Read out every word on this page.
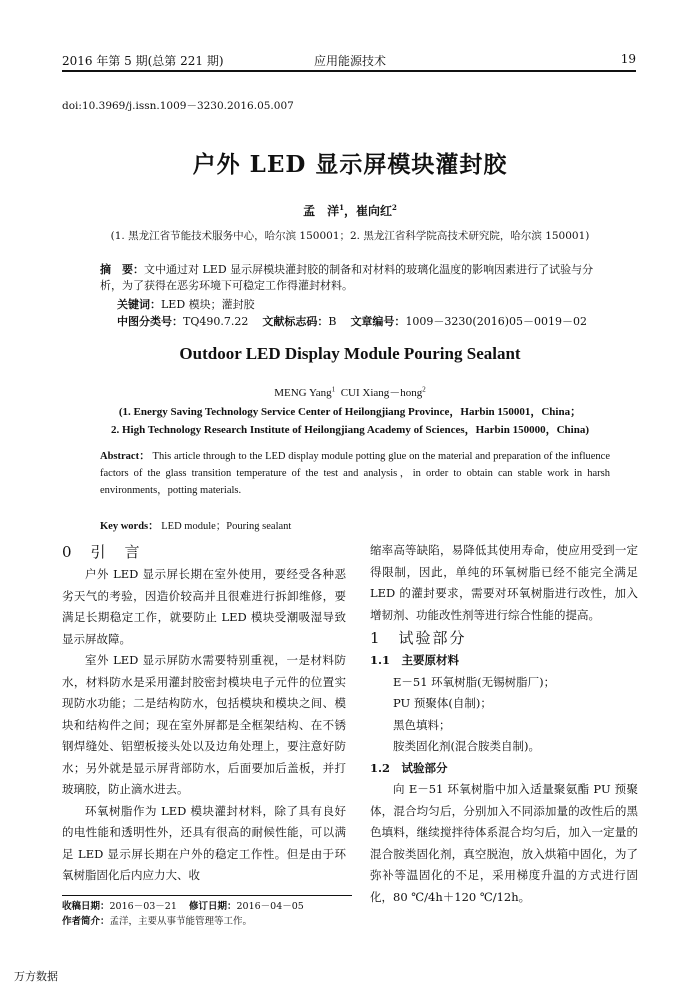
2016 年第 5 期(总第 221 期)	应用能源技术	19
doi:10.3969/j.issn.1009－3230.2016.05.007
户外 LED 显示屏模块灌封胶
孟　洋$^1$，崔向红$^2$
(1. 黑龙江省节能技术服务中心，哈尔滨 150001；2. 黑龙江省科学院高技术研究院，哈尔滨 150001)
摘　要：文中通过对 LED 显示屏模块灌封胶的制备和对材料的玻璃化温度的影响因素进行了试验与分析，为了获得在恶劣环境下可稳定工作得灌封材料。
关键词：LED 模块；灌封胶
中图分类号：TQ490.7.22 文献标志码：B 文章编号：1009－3230(2016)05－0019－02
Outdoor LED Display Module Pouring Sealant
MENG Yang$^1$ CUI Xiang－hong$^2$
(1. Energy Saving Technology Service Center of Heilongjiang Province，Harbin 150001，China；
2. High Technology Research Institute of Heilongjiang Academy of Sciences，Harbin 150000，China)
Abstract： This article through to the LED display module potting glue on the material and preparation of the influence factors of the glass transition temperature of the test and analysis，in order to obtain can stable work in harsh environments，potting materials.
Key words： LED module；Pouring sealant
0　引　言

户外 LED 显示屏长期在室外使用，要经受各种恶劣天气的考验，因造价较高并且很难进行拆卸维修，要满足长期稳定工作，就要防止 LED 模块受潮吸湿导致显示屏故障。

室外 LED 显示屏防水需要特别重视，一是材料防水，材料防水是采用灌封胶密封模块电子元件的位置实现防水功能；二是结构防水，包括模块和模块之间、模块和结构件之间；现在室外屏都是全框架结构、在不锈钢焊缝处、铝塑板接头处以及边角处理上，要注意好防水；另外就是显示屏背部防水，后面要加后盖板，并打玻璃胶，防止滴水进去。

环氧树脂作为 LED 模块灌封材料，除了具有良好的电性能和透明性外，还具有很高的耐候性能，可以满足 LED 显示屏长期在户外的稳定工作性。但是由于环氧树脂固化后内应力大、收

缩率高等缺陷，易降低其使用寿命，使应用受到一定得限制，因此，单纯的环氧树脂已经不能完全满足 LED 的灌封要求，需要对环氧树脂进行改性，加入增韧剂、功能改性剂等进行综合性能的提高。

1　试验部分
1.1　主要原材料

E－51 环氧树脂(无锡树脂厂)；

PU 预聚体(自制)；

黑色填料；

胺类固化剂(混合胺类自制)。

1.2　试验部分

向 E－51 环氧树脂中加入适量聚氨酯 PU 预聚体，混合均匀后，分别加入不同添加量的改性后的黑色填料，继续搅拌待体系混合均匀后，加入一定量的混合胺类固化剂，真空脱泡，放入烘箱中固化，为了弥补等温固化的不足，采用梯度升温的方式进行固化，80 ℃/4h＋120 ℃/12h。

收稿日期：2016－03－21 修订日期：2016－04－05
作者简介：孟洋，主要从事节能管理等工作。
万方数据
